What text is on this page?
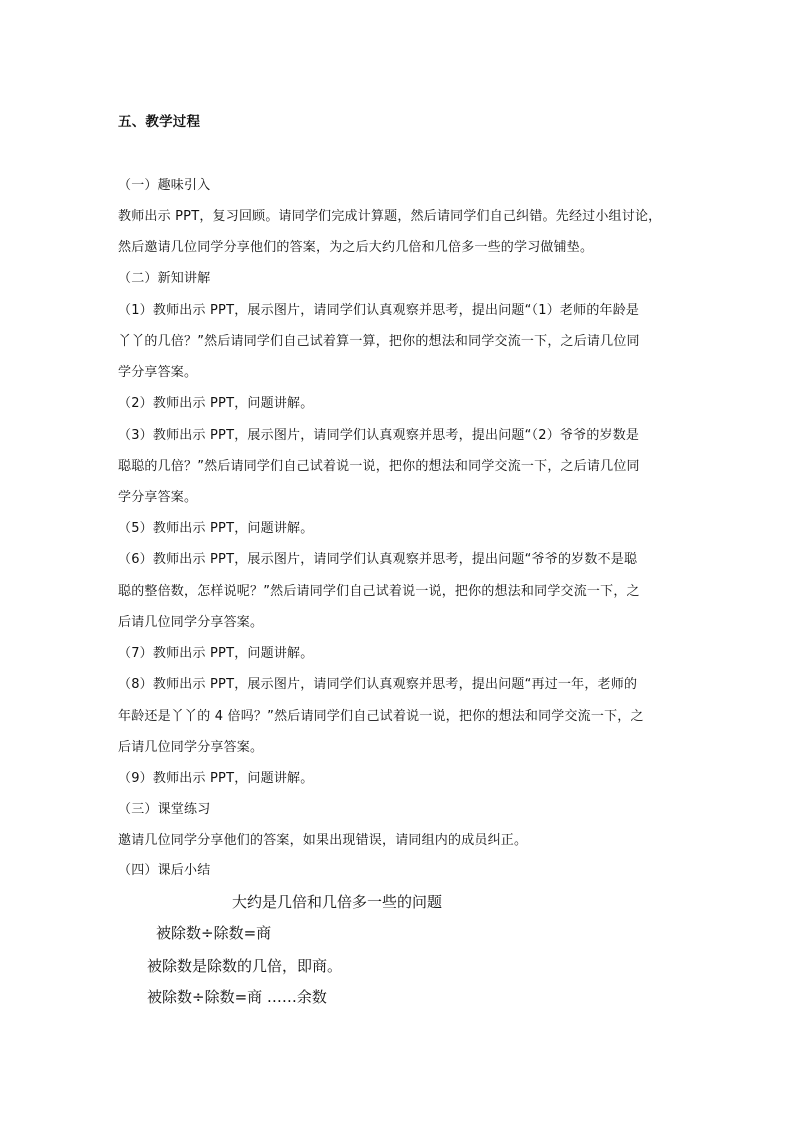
五、教学过程
（一）趣味引入
教师出示 PPT，复习回顾。请同学们完成计算题，然后请同学们自己纠错。先经过小组讨论，
然后邀请几位同学分享他们的答案，为之后大约几倍和几倍多一些的学习做铺垫。
（二）新知讲解
（1）教师出示 PPT，展示图片，请同学们认真观察并思考，提出问题“（1）老师的年龄是
丫丫的几倍？”然后请同学们自己试着算一算，把你的想法和同学交流一下，之后请几位同
学分享答案。
（2）教师出示 PPT，问题讲解。
（3）教师出示 PPT，展示图片，请同学们认真观察并思考，提出问题“（2）爷爷的岁数是
聪聪的几倍？”然后请同学们自己试着说一说，把你的想法和同学交流一下，之后请几位同
学分享答案。
（5）教师出示 PPT，问题讲解。
（6）教师出示 PPT，展示图片，请同学们认真观察并思考，提出问题“爷爷的岁数不是聪
聪的整倍数，怎样说呢？”然后请同学们自己试着说一说，把你的想法和同学交流一下，之
后请几位同学分享答案。
（7）教师出示 PPT，问题讲解。
（8）教师出示 PPT，展示图片，请同学们认真观察并思考，提出问题“再过一年，老师的
年龄还是丫丫的 4 倍吗？”然后请同学们自己试着说一说，把你的想法和同学交流一下，之
后请几位同学分享答案。
（9）教师出示 PPT，问题讲解。
（三）课堂练习
邀请几位同学分享他们的答案，如果出现错误，请同组内的成员纠正。
（四）课后小结
大约是几倍和几倍多一些的问题
被除数÷除数=商
被除数是除数的几倍，即商。
被除数÷除数=商 ……余数
